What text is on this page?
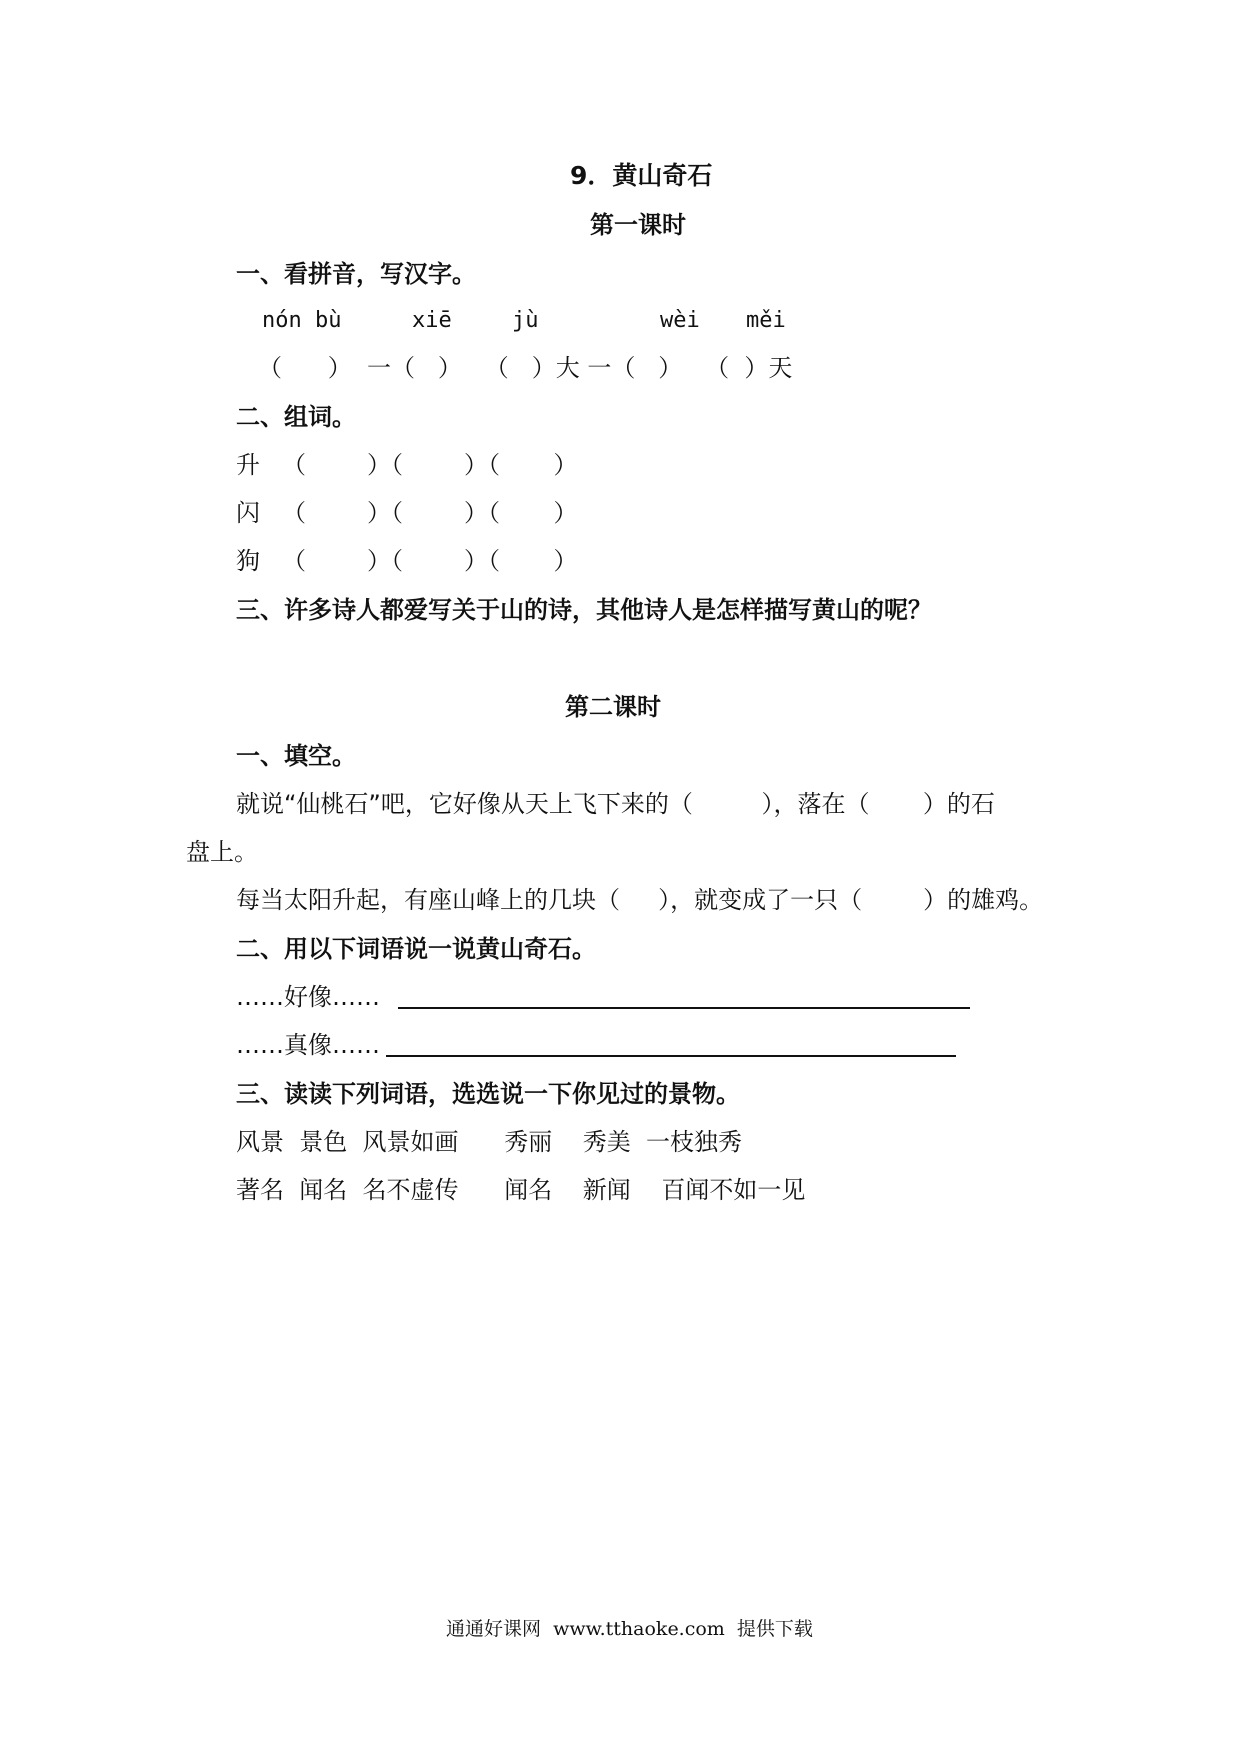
9．黄山奇石
第一课时
一、看拼音，写汉字。
nón bù	xiē	jù	wèi měi
（      ）  一（   ）   （   ）大 一（   ）   （  ）天
二、组词。
升 （        ）（        ）（       ）
闪 （        ）（        ）（       ）
狗 （        ）（        ）（       ）
三、许多诗人都爱写关于山的诗，其他诗人是怎样描写黄山的呢？
第二课时
一、填空。
就说“仙桃石”吧，它好像从天上飞下来的（         ），落在（       ）的石
盘上。
每当太阳升起，有座山峰上的几块（     ），就变成了一只（        ）的雄鸡。
二、用以下词语说一说黄山奇石。
……好像……
……真像……
三、读读下列词语，选选说一下你见过的景物。
风景  景色  风景如画      秀丽    秀美  一枝独秀
著名  闻名  名不虚传      闻名    新闻    百闻不如一见
通通好课网  www.tthaoke.com  提供下载
